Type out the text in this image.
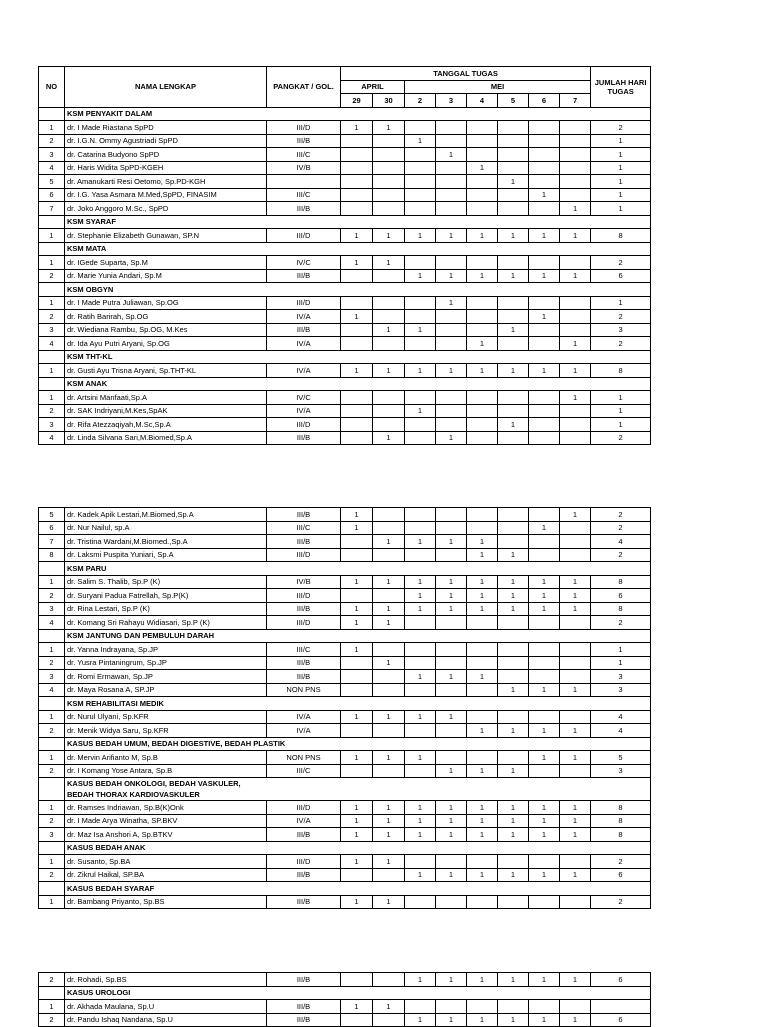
NO	NAMA LENGKAP	PANGKAT / GOL.	TANGGAL TUGAS								JUMLAH HARI TUGAS
			APRIL		MEI						
			29	30	2	3	4	5	6	7	

	KSM PENYAKIT DALAM										

1	dr. I Made Riastana SpPD	III/D	1	1							2
2	dr. I.G.N. Ommy Agustriadi SpPD	III/B			1						1
3	dr. Catarina Budyono SpPD	III/C				1					1
4	dr. Haris Widita SpPD-KGEH	IV/B					1				1
5	dr. Amanukarti Resi Oetomo, Sp.PD-KGH							1			1
6	dr. I.G. Yasa Asmara M.Med,SpPD, FINASIM	III/C							1		1
7	dr. Joko Anggoro M.Sc., SpPD	III/B								1	1

	KSM SYARAF										

1	dr. Stephanie Elizabeth Gunawan, SP.N	III/D	1	1	1	1	1	1	1	1	8

	KSM MATA										

1	dr. IGede Suparta, Sp.M	IV/C	1	1							2
2	dr. Marie Yunia Andari, Sp.M	III/B			1	1	1	1	1	1	6

	KSM OBGYN										

1	dr. I Made Putra Juliawan, Sp.OG	III/D				1					1
2	dr. Ratih Barirah, Sp.OG	IV/A	1						1		2
3	dr. Wiediana Rambu, Sp.OG, M.Kes	III/B		1	1			1			3
4	dr. Ida Ayu Putri Aryani, Sp.OG	IV/A					1			1	2

	KSM THT-KL										

1	dr. Gusti Ayu Trisna Aryani, Sp.THT-KL	IV/A	1	1	1	1	1	1	1	1	8

	KSM ANAK										

1	dr. Artsini Manfaati,Sp.A	IV/C								1	1
2	dr. SAK Indriyani,M.Kes,SpAK	IV/A			1						1
3	dr. Rifa Atezzaqiyah,M.Sc,Sp.A	III/D						1			1
4	dr. Linda Silvana Sari,M.Biomed,Sp.A	III/B		1		1					2
5	dr. Kadek Apik Lestari,M.Biomed,Sp.A	III/B	1							1	2
6	dr. Nur Nailul, sp.A	III/C	1						1		2
7	dr. Tristina Wardani,M.Biomed.,Sp.A	III/B		1	1	1	1				4
8	dr. Laksmi Puspita Yuniari, Sp.A	III/D					1	1			2

	KSM PARU										

1	dr. Salim S. Thalib, Sp.P (K)	IV/B	1	1	1	1	1	1	1	1	8
2	dr. Suryani Padua Fatrellah, Sp.P(K)	III/D			1	1	1	1	1	1	6
3	dr. Rina Lestari, Sp.P (K)	III/B	1	1	1	1	1	1	1	1	8
4	dr. Komang Sri Rahayu Widiasari, Sp.P (K)	III/D	1	1							2

	KSM JANTUNG DAN PEMBULUH DARAH										

1	dr. Yanna Indrayana, Sp.JP	III/C	1								1
2	dr. Yusra Pintaningrum, Sp.JP	III/B		1							1
3	dr. Romi Ermawan, Sp.JP	III/B			1	1	1				3
4	dr. Maya Rosana A, SP.JP	NON PNS						1	1	1	3

	KSM REHABILITASI MEDIK										

1	dr. Nurul Ulyani, Sp.KFR	IV/A	1	1	1	1					4
2	dr. Menik Widya Saru, Sp.KFR	IV/A					1	1	1	1	4

	KASUS BEDAH UMUM, BEDAH DIGESTIVE, BEDAH PLASTIK										

1	dr. Mervin Arifianto M, Sp.B	NON PNS	1	1	1				1	1	5
2	dr. I Komang Yose Antara, Sp.B	III/C				1	1	1			3

	KASUS BEDAH ONKOLOGI, BEDAH VASKULER,
BEDAH THORAX KARDIOVASKULER										

1	dr. Ramses Indriawan, Sp.B(K)Onk	III/D	1	1	1	1	1	1	1	1	8
2	dr. I Made Arya Winatha, SP.BKV	IV/A	1	1	1	1	1	1	1	1	8
3	dr. Maz Isa Anshori A, Sp.BTKV	III/B	1	1	1	1	1	1	1	1	8

	KASUS BEDAH ANAK										

1	dr. Susanto, Sp.BA	III/D	1	1							2
2	dr. Zikrul Haikal, SP.BA	III/B			1	1	1	1	1	1	6

	KASUS BEDAH SYARAF										

1	dr. Bambang Priyanto, Sp.BS	III/B	1	1							2
2	dr. Rohadi, Sp.BS	III/B			1	1	1	1	1	1	6

	KASUS UROLOGI										

1	dr. Akhada Maulana, Sp.U	III/B	1	1							
2	dr. Pandu Ishaq Nandana, Sp.U	III/B			1	1	1	1	1	1	6
